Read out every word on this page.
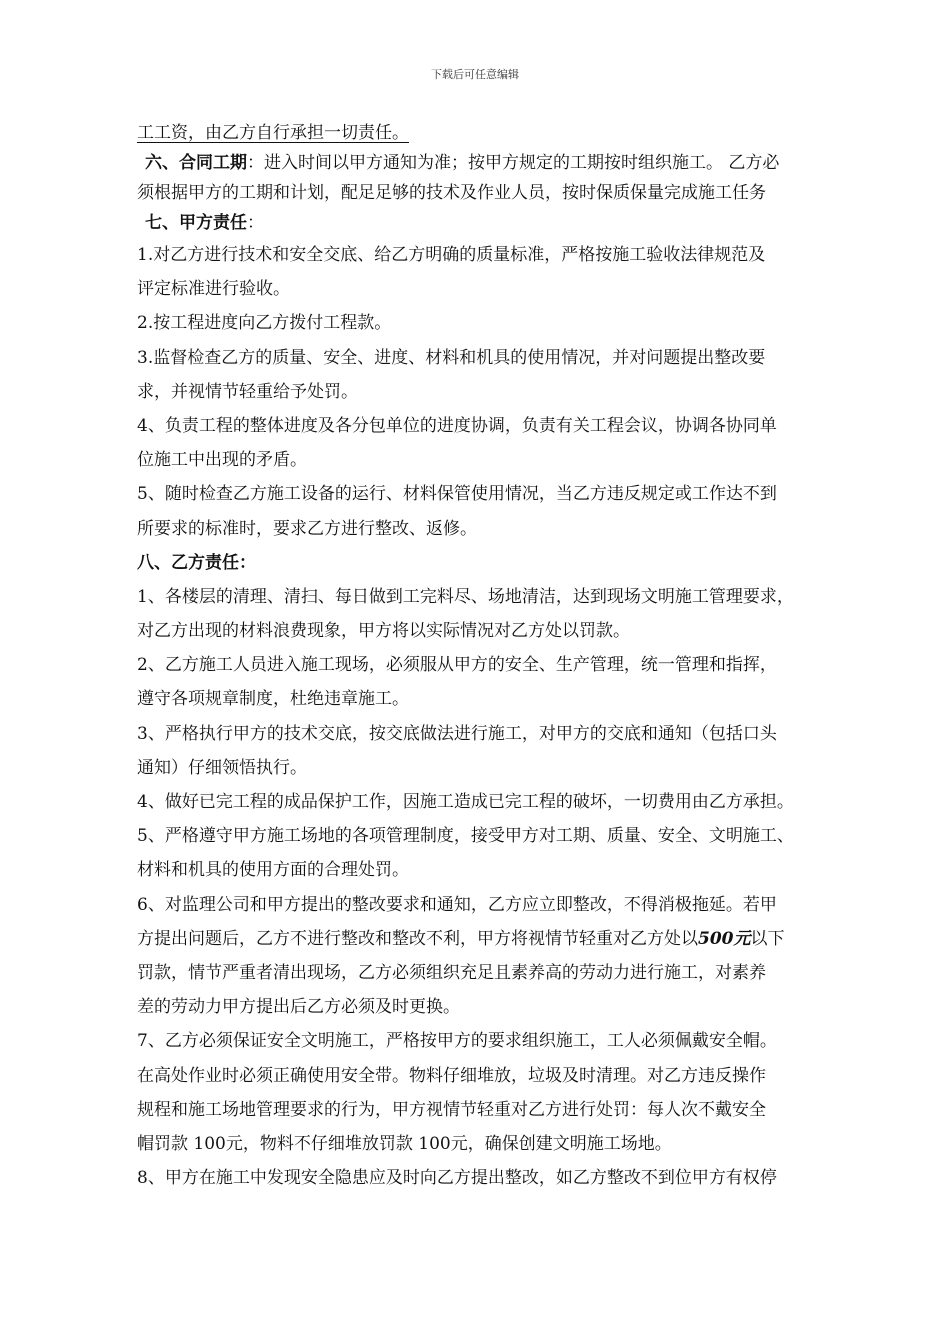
下载后可任意编辑
工工资，由乙方自行承担一切责任。
六、合同工期：进入时间以甲方通知为准；按甲方规定的工期按时组织施工。 乙方必
须根据甲方的工期和计划，配足足够的技术及作业人员，按时保质保量完成施工任务
七、甲方责任：
1.对乙方进行技术和安全交底、给乙方明确的质量标准，严格按施工验收法律规范及
评定标准进行验收。
2.按工程进度向乙方拨付工程款。
3.监督检查乙方的质量、安全、进度、材料和机具的使用情况，并对问题提出整改要
求，并视情节轻重给予处罚。
4、负责工程的整体进度及各分包单位的进度协调，负责有关工程会议，协调各协同单
位施工中出现的矛盾。
5、随时检查乙方施工设备的运行、材料保管使用情况，当乙方违反规定或工作达不到
所要求的标准时，要求乙方进行整改、返修。
八、乙方责任：
1、各楼层的清理、清扫、每日做到工完料尽、场地清洁，达到现场文明施工管理要求，
对乙方出现的材料浪费现象，甲方将以实际情况对乙方处以罚款。
2、乙方施工人员进入施工现场，必须服从甲方的安全、生产管理，统一管理和指挥，
遵守各项规章制度，杜绝违章施工。
3、严格执行甲方的技术交底，按交底做法进行施工，对甲方的交底和通知（包括口头
通知）仔细领悟执行。
4、做好已完工程的成品保护工作，因施工造成已完工程的破坏，一切费用由乙方承担。
5、严格遵守甲方施工场地的各项管理制度，接受甲方对工期、质量、安全、文明施工、
材料和机具的使用方面的合理处罚。
6、对监理公司和甲方提出的整改要求和通知，乙方应立即整改，不得消极拖延。若甲
方提出问题后，乙方不进行整改和整改不利，甲方将视情节轻重对乙方处以500元以下
罚款，情节严重者清出现场，乙方必须组织充足且素养高的劳动力进行施工，对素养
差的劳动力甲方提出后乙方必须及时更换。
7、乙方必须保证安全文明施工，严格按甲方的要求组织施工，工人必须佩戴安全帽。
在高处作业时必须正确使用安全带。物料仔细堆放，垃圾及时清理。对乙方违反操作
规程和施工场地管理要求的行为，甲方视情节轻重对乙方进行处罚：每人次不戴安全
帽罚款 100元，物料不仔细堆放罚款 100元，确保创建文明施工场地。
8、甲方在施工中发现安全隐患应及时向乙方提出整改，如乙方整改不到位甲方有权停
